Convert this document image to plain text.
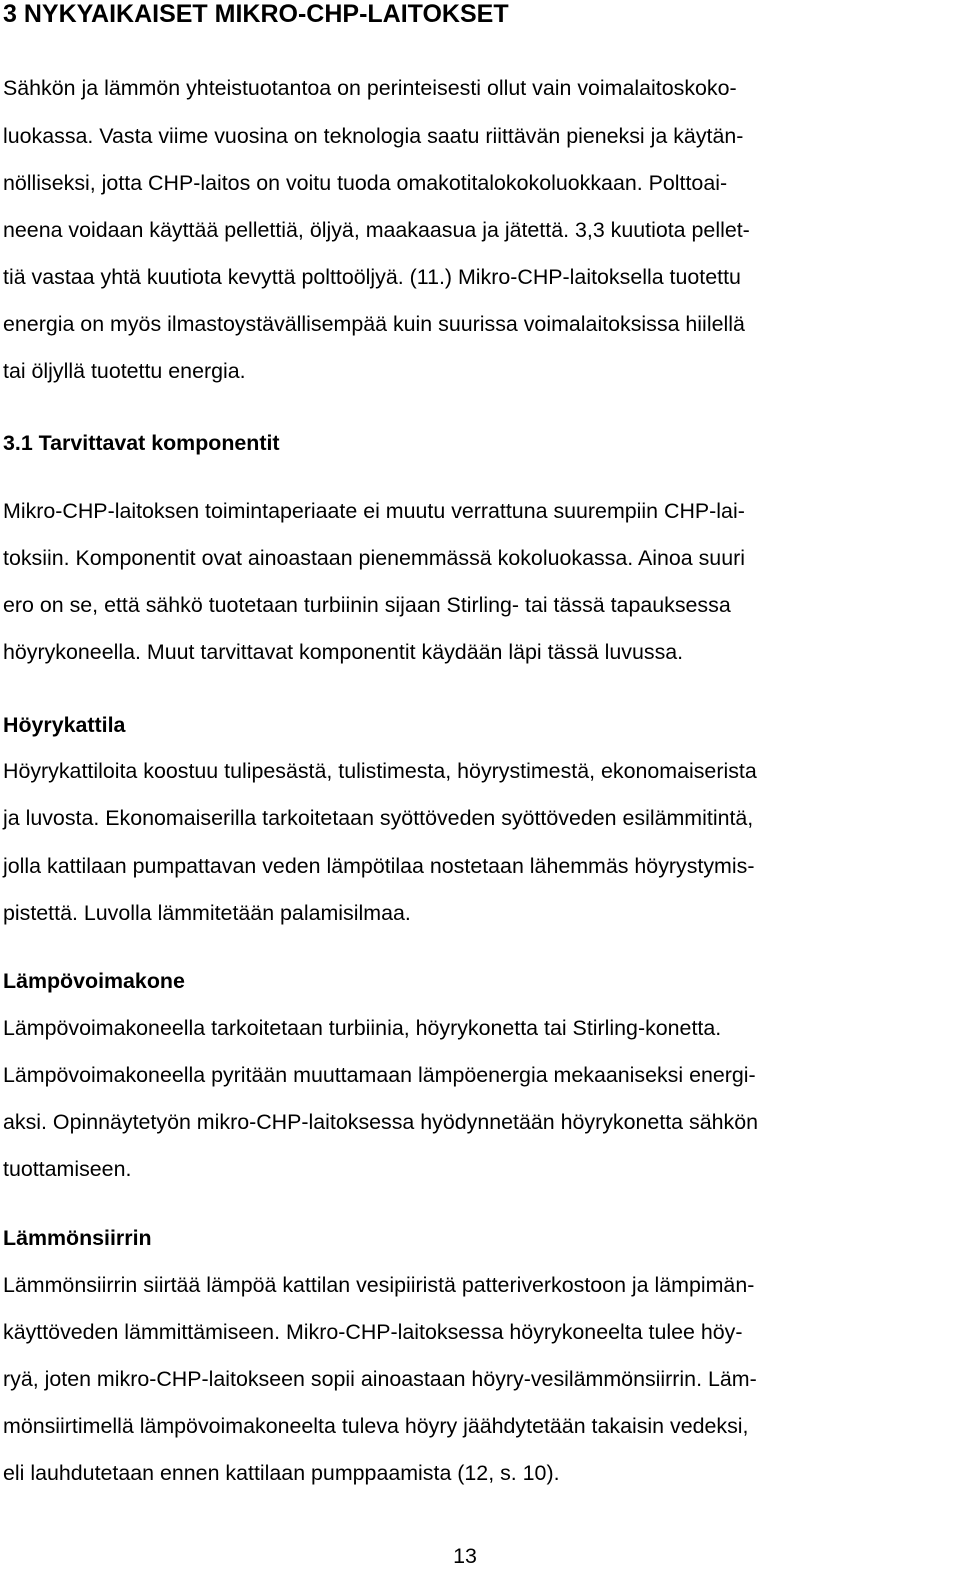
3 NYKYAIKAISET MIKRO-CHP-LAITOKSET
Sähkön ja lämmön yhteistuotantoa on perinteisesti ollut vain voimalaitoskoko-
luokassa. Vasta viime vuosina on teknologia saatu riittävän pieneksi ja käytän-
nölliseksi, jotta CHP-laitos on voitu tuoda omakotitalokokoluokkaan. Polttoai-
neena voidaan käyttää pellettiä, öljyä, maakaasua ja jätettä. 3,3 kuutiota pellet-
tiä vastaa yhtä kuutiota kevyttä polttoöljyä. (11.) Mikro-CHP-laitoksella tuotettu
energia on myös ilmastoystävällisempää kuin suurissa voimalaitoksissa hiilellä
tai öljyllä tuotettu energia.
3.1 Tarvittavat komponentit
Mikro-CHP-laitoksen toimintaperiaate ei muutu verrattuna suurempiin CHP-lai-
toksiin. Komponentit ovat ainoastaan pienemmässä kokoluokassa. Ainoa suuri
ero on se, että sähkö tuotetaan turbiinin sijaan Stirling- tai tässä tapauksessa
höyrykoneella. Muut tarvittavat komponentit käydään läpi tässä luvussa.
Höyrykattila
Höyrykattiloita koostuu tulipesästä, tulistimesta, höyrystimestä, ekonomaiserista
ja luvosta. Ekonomaiserilla tarkoitetaan syöttöveden syöttöveden esilämmitintä,
jolla kattilaan pumpattavan veden lämpötilaa nostetaan lähemmäs höyrystymis-
pistettä. Luvolla lämmitetään palamisilmaa.
Lämpövoimakone
Lämpövoimakoneella tarkoitetaan turbiinia, höyrykonetta tai Stirling-konetta.
Lämpövoimakoneella pyritään muuttamaan lämpöenergia mekaaniseksi energi-
aksi. Opinnäytetyön mikro-CHP-laitoksessa hyödynnetään höyrykonetta sähkön
tuottamiseen.
Lämmönsiirrin
Lämmönsiirrin siirtää lämpöä kattilan vesipiiristä patteriverkostoon ja lämpimän-
käyttöveden lämmittämiseen. Mikro-CHP-laitoksessa höyrykoneelta tulee höy-
ryä, joten mikro-CHP-laitokseen sopii ainoastaan höyry-vesilämmönsiirrin. Läm-
mönsiirtimellä lämpövoimakoneelta tuleva höyry jäähdytetään takaisin vedeksi,
eli lauhdutetaan ennen kattilaan pumppaamista (12, s. 10).
13
